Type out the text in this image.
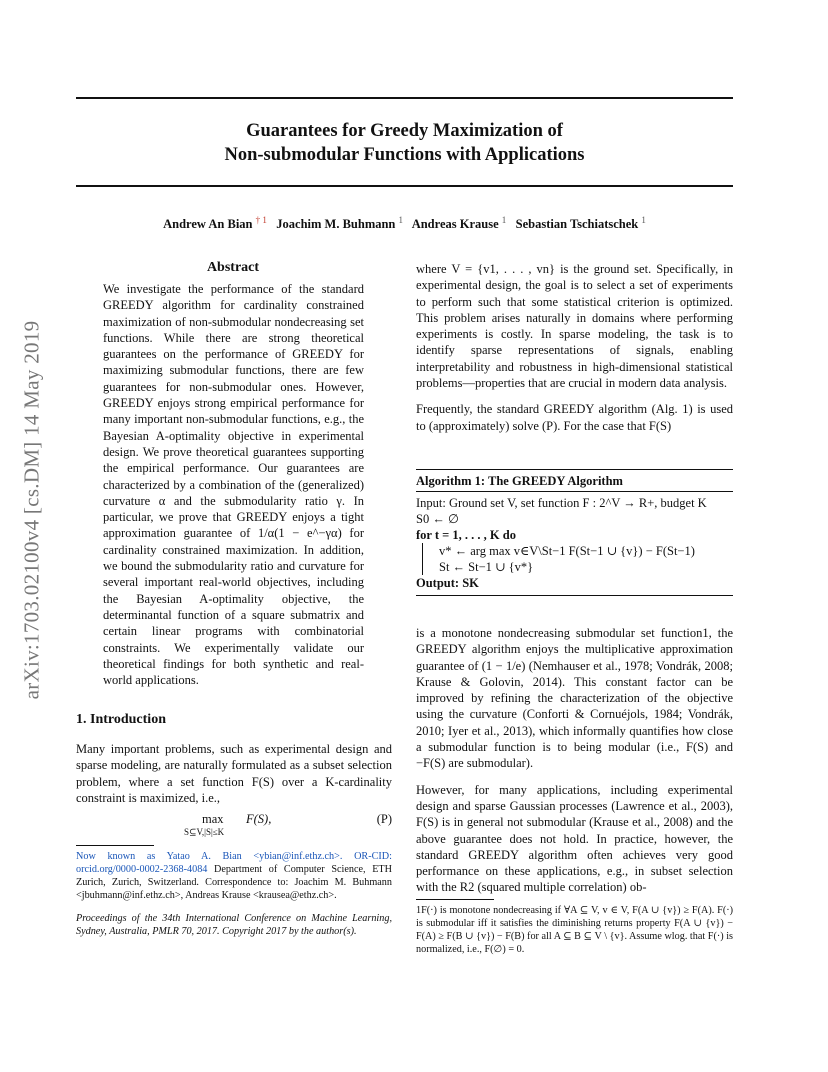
Guarantees for Greedy Maximization of
Non-submodular Functions with Applications
Andrew An Bian $^{\dagger 1}$ Joachim M. Buhmann $^1$ Andreas Krause $^1$ Sebastian Tschiatschek $^1$
arXiv:1703.02100v4 [cs.DM] 14 May 2019
Abstract

We investigate the performance of the standard GREEDY algorithm for cardinality constrained maximization of non-submodular nondecreasing set functions. While there are strong theoretical guarantees on the performance of GREEDY for maximizing submodular functions, there are few guarantees for non-submodular ones. However, GREEDY enjoys strong empirical performance for many important non-submodular functions, e.g., the Bayesian A-optimality objective in experimental design. We prove theoretical guarantees supporting the empirical performance. Our guarantees are characterized by a combination of the (generalized) curvature α and the submodularity ratio γ. In particular, we prove that GREEDY enjoys a tight approximation guarantee of 1/α(1 − e^−γα) for cardinality constrained maximization. In addition, we bound the submodularity ratio and curvature for several important real-world objectives, including the Bayesian A-optimality objective, the determinantal function of a square submatrix and certain linear programs with combinatorial constraints. We experimentally validate our theoretical findings for both synthetic and real-world applications.

1. Introduction

Many important problems, such as experimental design and sparse modeling, are naturally formulated as a subset selection problem, where a set function F(S) over a K-cardinality constraint is maximized, i.e.,

max
S⊆V,|S|≤K
F(S),	(P)

Now known as Yatao A. Bian <ybian@inf.ethz.ch>. OR-CID: orcid.org/0000-0002-2368-4084 Department of Computer Science, ETH Zurich, Zurich, Switzerland. Correspondence to: Joachim M. Buhmann <jbuhmann@inf.ethz.ch>, Andreas Krause <krausea@ethz.ch>.

Proceedings of the 34th International Conference on Machine Learning, Sydney, Australia, PMLR 70, 2017. Copyright 2017 by the author(s).

where V = {v1, . . . , vn} is the ground set. Specifically, in experimental design, the goal is to select a set of experiments to perform such that some statistical criterion is optimized. This problem arises naturally in domains where performing experiments is costly. In sparse modeling, the task is to identify sparse representations of signals, enabling interpretability and robustness in high-dimensional statistical problems—properties that are crucial in modern data analysis.

Frequently, the standard GREEDY algorithm (Alg. 1) is used to (approximately) solve (P). For the case that F(S)

Algorithm 1: The GREEDY Algorithm
Input: Ground set V, set function F : 2^V → R+, budget K
S0 ← ∅
for t = 1, . . . , K do
v* ← arg max v∈V\St−1 F(St−1 ∪ {v}) − F(St−1)
St ← St−1 ∪ {v*}
Output: SK

is a monotone nondecreasing submodular set function1, the GREEDY algorithm enjoys the multiplicative approximation guarantee of (1 − 1/e) (Nemhauser et al., 1978; Vondrák, 2008; Krause & Golovin, 2014). This constant factor can be improved by refining the characterization of the objective using the curvature (Conforti & Cornuéjols, 1984; Vondrák, 2010; Iyer et al., 2013), which informally quantifies how close a submodular function is to being modular (i.e., F(S) and −F(S) are submodular).

However, for many applications, including experimental design and sparse Gaussian processes (Lawrence et al., 2003), F(S) is in general not submodular (Krause et al., 2008) and the above guarantee does not hold. In practice, however, the standard GREEDY algorithm often achieves very good performance on these applications, e.g., in subset selection with the R2 (squared multiple correlation) ob-

1F(·) is monotone nondecreasing if ∀A ⊆ V, v ∈ V, F(A ∪ {v}) ≥ F(A). F(·) is submodular iff it satisfies the diminishing returns property F(A ∪ {v}) − F(A) ≥ F(B ∪ {v}) − F(B) for all A ⊆ B ⊆ V \ {v}. Assume wlog. that F(·) is normalized, i.e., F(∅) = 0.
